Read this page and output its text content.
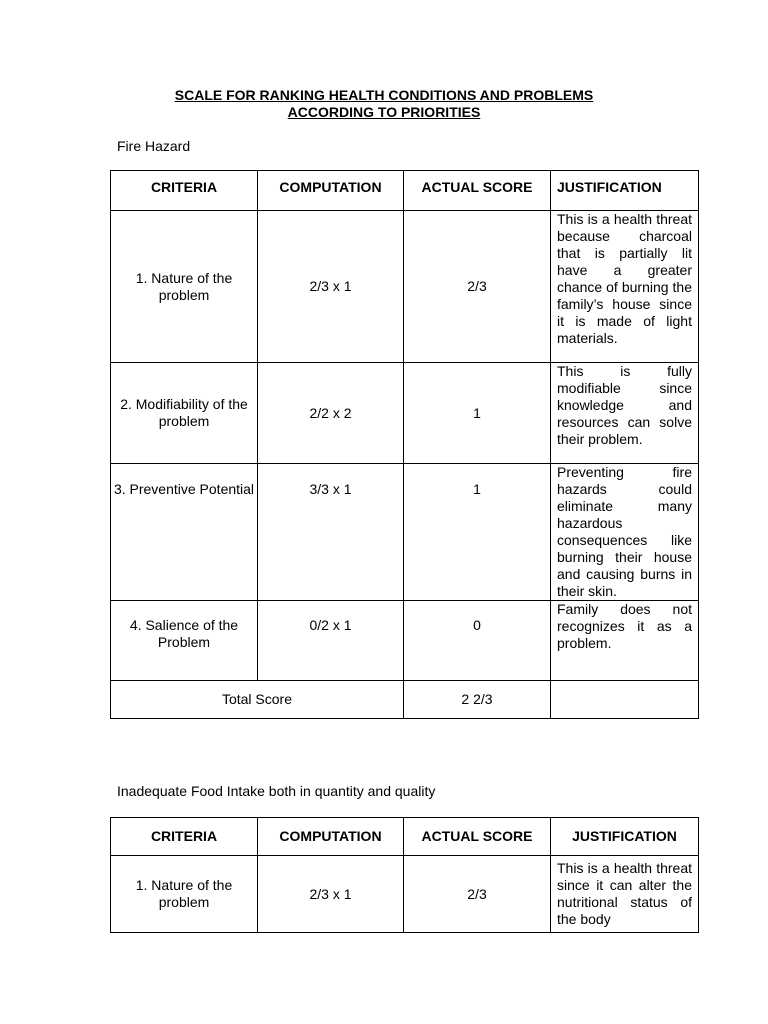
SCALE FOR RANKING HEALTH CONDITIONS AND PROBLEMS
ACCORDING TO PRIORITIES
Fire Hazard
CRITERIA	COMPUTATION	ACTUAL SCORE	JUSTIFICATION
1. Nature of the problem	2/3 x 1	2/3	This is a health threat because charcoal that is partially lit have a greater chance of burning the family’s house since it is made of light materials.
2. Modifiability of the problem	2/2 x 2	1	This is fully modifiable since knowledge and resources can solve their problem.
3. Preventive Potential	3/3 x 1	1	Preventing fire hazards could eliminate many hazardous consequences like burning their house and causing burns in their skin.
4. Salience of the Problem	0/2 x 1	0	Family does not recognizes it as a problem.
Total Score		2 2/3	
Inadequate Food Intake both in quantity and quality
CRITERIA	COMPUTATION	ACTUAL SCORE	JUSTIFICATION
1. Nature of the problem	2/3 x 1	2/3	This is a health threat since it can alter the nutritional status of the body
